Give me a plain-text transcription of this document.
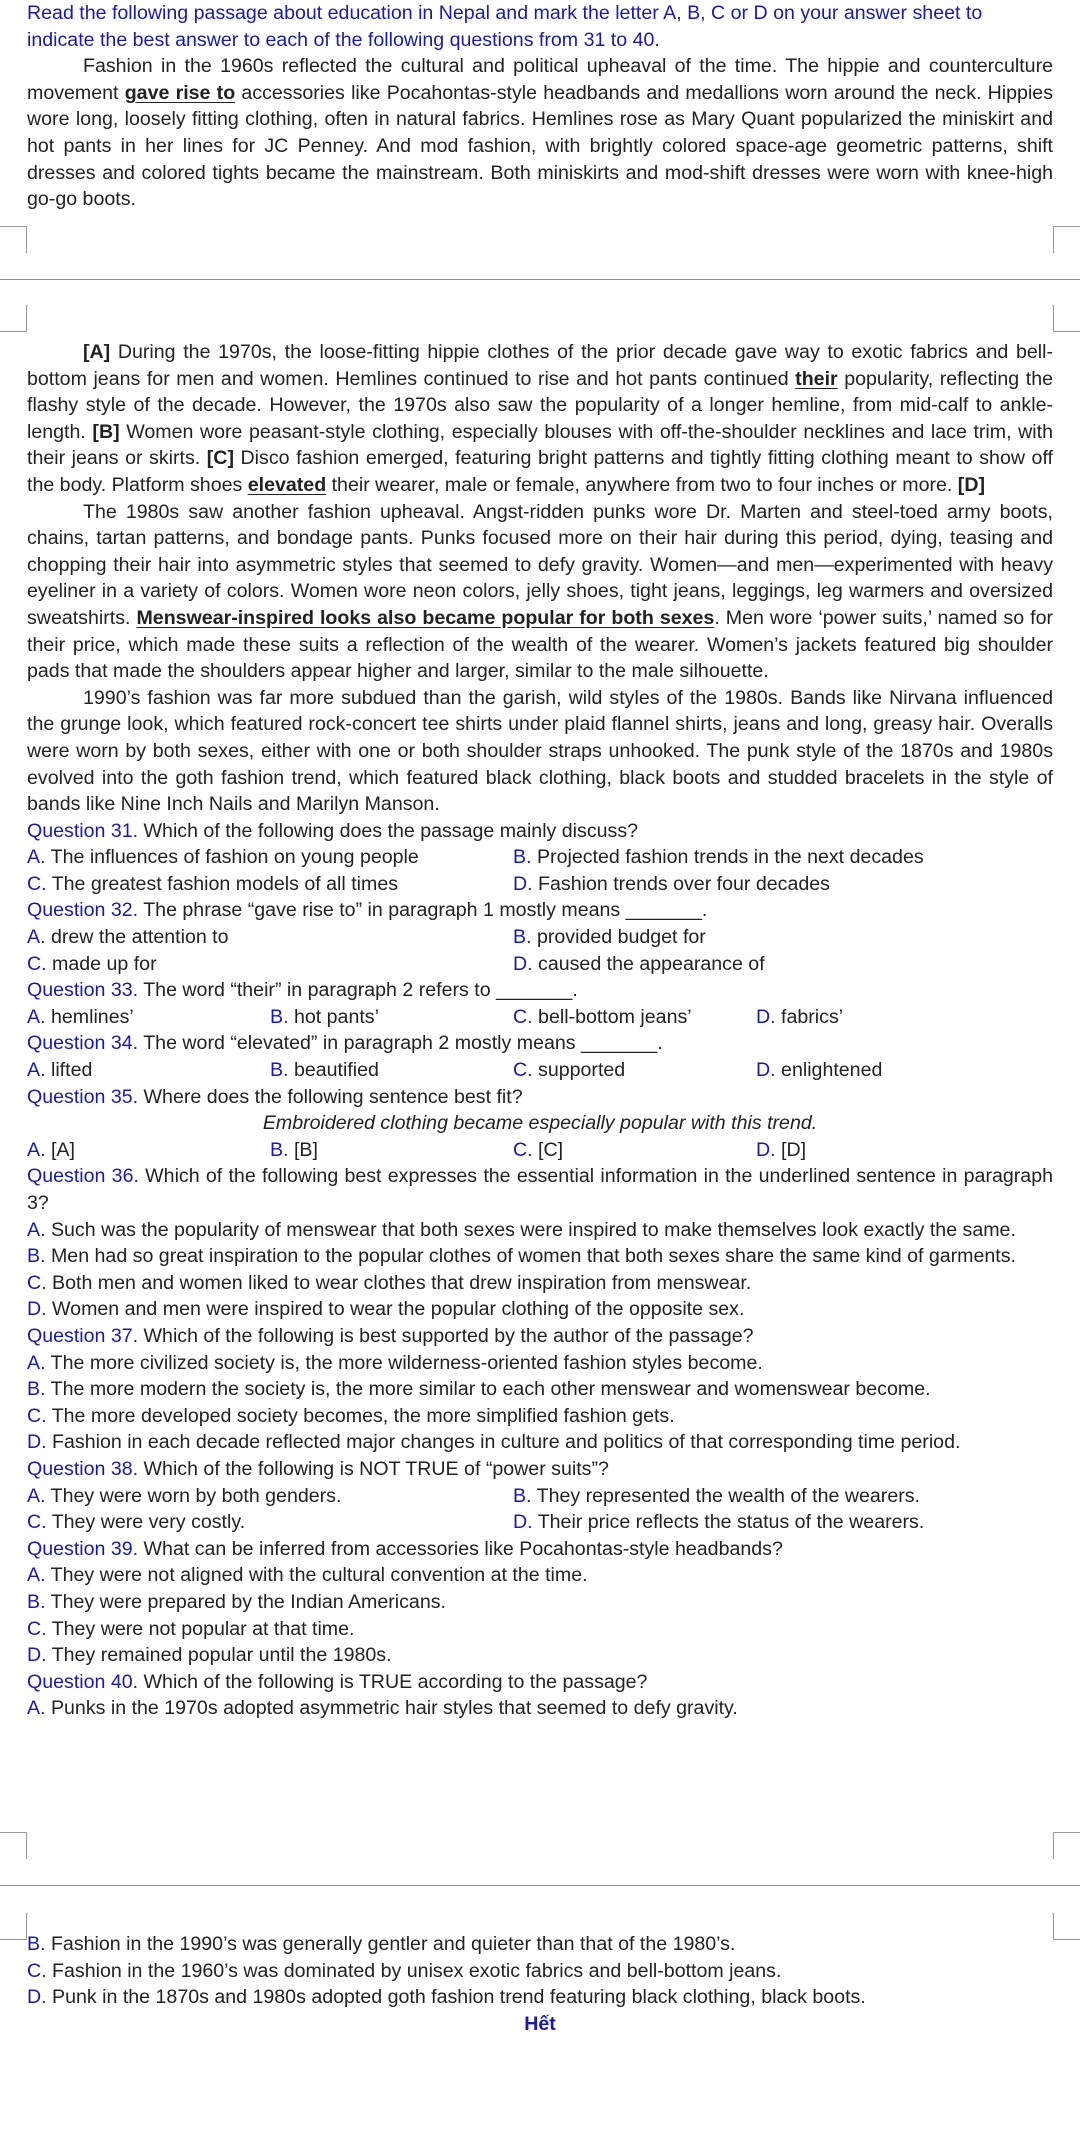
Read the following passage about education in Nepal and mark the letter A, B, C or D on your answer sheet to indicate the best answer to each of the following questions from 31 to 40.

Fashion in the 1960s reflected the cultural and political upheaval of the time. The hippie and counterculture movement gave rise to accessories like Pocahontas-style headbands and medallions worn around the neck. Hippies wore long, loosely fitting clothing, often in natural fabrics. Hemlines rose as Mary Quant popularized the miniskirt and hot pants in her lines for JC Penney. And mod fashion, with brightly colored space-age geometric patterns, shift dresses and colored tights became the mainstream. Both miniskirts and mod-shift dresses were worn with knee-high go-go boots.

[A] During the 1970s, the loose-fitting hippie clothes of the prior decade gave way to exotic fabrics and bell-bottom jeans for men and women. Hemlines continued to rise and hot pants continued their popularity, reflecting the flashy style of the decade. However, the 1970s also saw the popularity of a longer hemline, from mid-calf to ankle-length. [B] Women wore peasant-style clothing, especially blouses with off-the-shoulder necklines and lace trim, with their jeans or skirts. [C] Disco fashion emerged, featuring bright patterns and tightly fitting clothing meant to show off the body. Platform shoes elevated their wearer, male or female, anywhere from two to four inches or more. [D]

The 1980s saw another fashion upheaval. Angst-ridden punks wore Dr. Marten and steel-toed army boots, chains, tartan patterns, and bondage pants. Punks focused more on their hair during this period, dying, teasing and chopping their hair into asymmetric styles that seemed to defy gravity. Women—and men—experimented with heavy eyeliner in a variety of colors. Women wore neon colors, jelly shoes, tight jeans, leggings, leg warmers and oversized sweatshirts. Menswear-inspired looks also became popular for both sexes. Men wore ‘power suits,’ named so for their price, which made these suits a reflection of the wealth of the wearer. Women’s jackets featured big shoulder pads that made the shoulders appear higher and larger, similar to the male silhouette.

1990’s fashion was far more subdued than the garish, wild styles of the 1980s. Bands like Nirvana influenced the grunge look, which featured rock-concert tee shirts under plaid flannel shirts, jeans and long, greasy hair. Overalls were worn by both sexes, either with one or both shoulder straps unhooked. The punk style of the 1870s and 1980s evolved into the goth fashion trend, which featured black clothing, black boots and studded bracelets in the style of bands like Nine Inch Nails and Marilyn Manson.

Question 31. Which of the following does the passage mainly discuss?
A. The influences of fashion on young people	B. Projected fashion trends in the next decades
C. The greatest fashion models of all times	D. Fashion trends over four decades
Question 32. The phrase “gave rise to” in paragraph 1 mostly means _______.
A. drew the attention to	B. provided budget for
C. made up for	D. caused the appearance of
Question 33. The word “their” in paragraph 2 refers to _______.
A. hemlines’	B. hot pants’	C. bell-bottom jeans’	D. fabrics’
Question 34. The word “elevated” in paragraph 2 mostly means _______.
A. lifted	B. beautified	C. supported	D. enlightened
Question 35. Where does the following sentence best fit?
Embroidered clothing became especially popular with this trend.
A. [A]	B. [B]	C. [C]	D. [D]

Question 36. Which of the following best expresses the essential information in the underlined sentence in paragraph 3?

A. Such was the popularity of menswear that both sexes were inspired to make themselves look exactly the same.

B. Men had so great inspiration to the popular clothes of women that both sexes share the same kind of garments.

C. Both men and women liked to wear clothes that drew inspiration from menswear.

D. Women and men were inspired to wear the popular clothing of the opposite sex.

Question 37. Which of the following is best supported by the author of the passage?
A. The more civilized society is, the more wilderness-oriented fashion styles become.
B. The more modern the society is, the more similar to each other menswear and womenswear become.
C. The more developed society becomes, the more simplified fashion gets.
D. Fashion in each decade reflected major changes in culture and politics of that corresponding time period.
Question 38. Which of the following is NOT TRUE of “power suits”?
A. They were worn by both genders.	B. They represented the wealth of the wearers.
C. They were very costly.	D. Their price reflects the status of the wearers.
Question 39. What can be inferred from accessories like Pocahontas-style headbands?
A. They were not aligned with the cultural convention at the time.
B. They were prepared by the Indian Americans.
C. They were not popular at that time.
D. They remained popular until the 1980s.
Question 40. Which of the following is TRUE according to the passage?
A. Punks in the 1970s adopted asymmetric hair styles that seemed to defy gravity.
B. Fashion in the 1990’s was generally gentler and quieter than that of the 1980’s.
C. Fashion in the 1960’s was dominated by unisex exotic fabrics and bell-bottom jeans.
D. Punk in the 1870s and 1980s adopted goth fashion trend featuring black clothing, black boots.
Hết
